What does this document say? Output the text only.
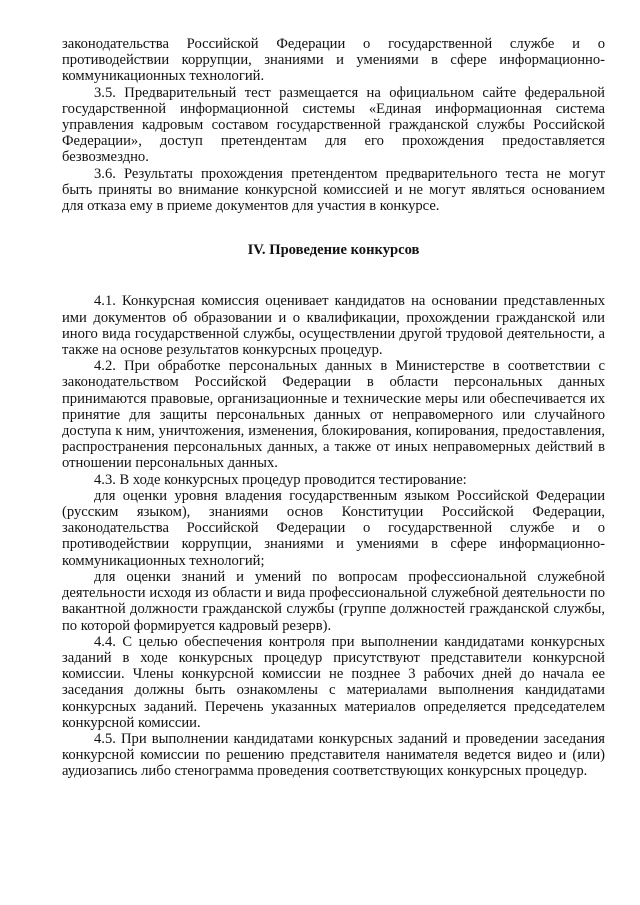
законодательства Российской Федерации о государственной службе и о противодействии коррупции, знаниями и умениями в сфере информационно-коммуникационных технологий.

3.5. Предварительный тест размещается на официальном сайте федеральной государственной информационной системы «Единая информационная система управления кадровым составом государственной гражданской службы Российской Федерации», доступ претендентам для его прохождения предоставляется безвозмездно.

3.6. Результаты прохождения претендентом предварительного теста не могут быть приняты во внимание конкурсной комиссией и не могут являться основанием для отказа ему в приеме документов для участия в конкурсе.

IV. Проведение конкурсов

4.1. Конкурсная комиссия оценивает кандидатов на основании представленных ими документов об образовании и о квалификации, прохождении гражданской или иного вида государственной службы, осуществлении другой трудовой деятельности, а также на основе результатов конкурсных процедур.

4.2. При обработке персональных данных в Министерстве в соответствии с законодательством Российской Федерации в области персональных данных принимаются правовые, организационные и технические меры или обеспечивается их принятие для защиты персональных данных от неправомерного или случайного доступа к ним, уничтожения, изменения, блокирования, копирования, предоставления, распространения персональных данных, а также от иных неправомерных действий в отношении персональных данных.

4.3. В ходе конкурсных процедур проводится тестирование:

для оценки уровня владения государственным языком Российской Федерации (русским языком), знаниями основ Конституции Российской Федерации, законодательства Российской Федерации о государственной службе и о противодействии коррупции, знаниями и умениями в сфере информационно-коммуникационных технологий;

для оценки знаний и умений по вопросам профессиональной служебной деятельности исходя из области и вида профессиональной служебной деятельности по вакантной должности гражданской службы (группе должностей гражданской службы, по которой формируется кадровый резерв).

4.4. С целью обеспечения контроля при выполнении кандидатами конкурсных заданий в ходе конкурсных процедур присутствуют представители конкурсной комиссии. Члены конкурсной комиссии не позднее 3 рабочих дней до начала ее заседания должны быть ознакомлены с материалами выполнения кандидатами конкурсных заданий. Перечень указанных материалов определяется председателем конкурсной комиссии.

4.5. При выполнении кандидатами конкурсных заданий и проведении заседания конкурсной комиссии по решению представителя нанимателя ведется видео и (или) аудиозапись либо стенограмма проведения соответствующих конкурсных процедур.
